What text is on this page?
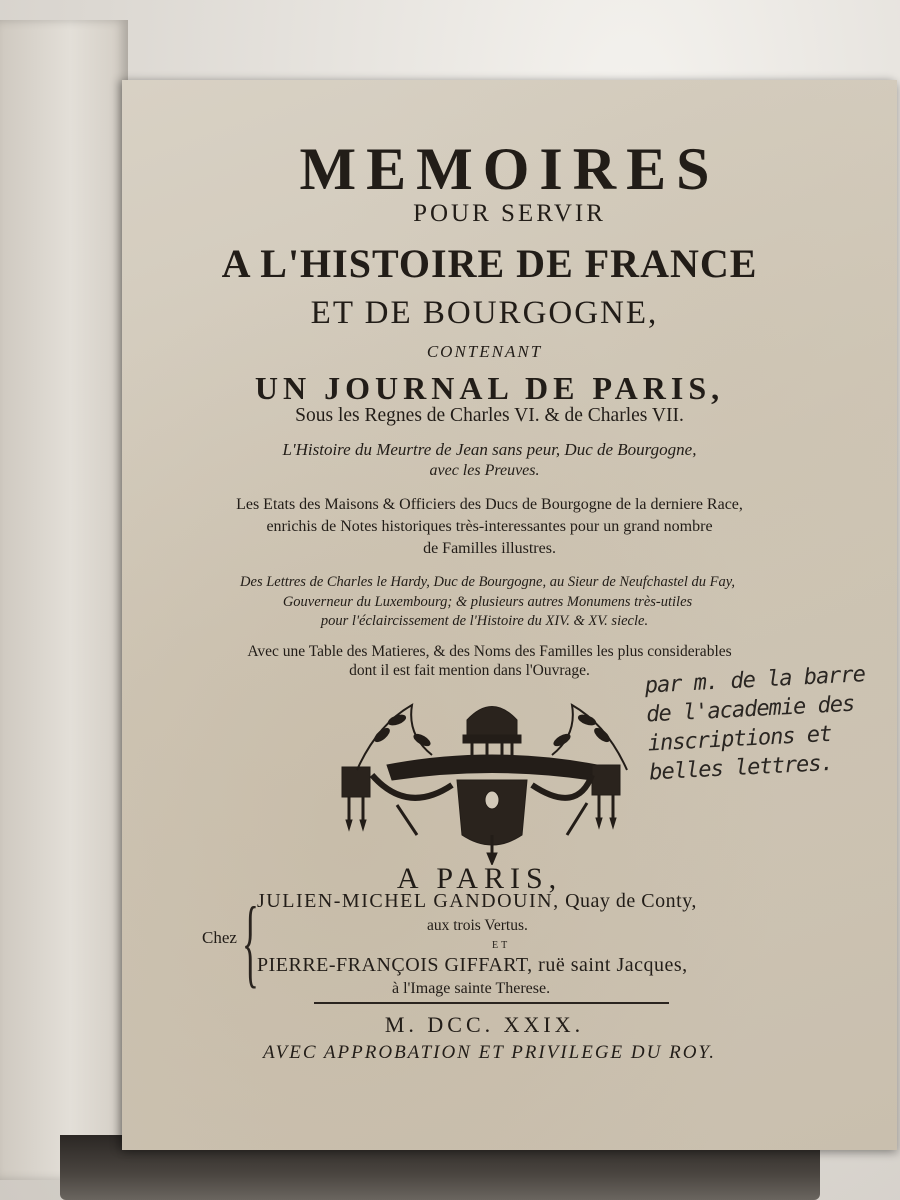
MEMOIRES

POUR SERVIR

A L'HISTOIRE DE FRANCE

ET DE BOURGOGNE,

CONTENANT

UN JOURNAL DE PARIS,

Sous les Regnes de Charles VI. & de Charles VII.

L'Histoire du Meurtre de Jean sans peur, Duc de Bourgogne,

avec les Preuves.

Les Etats des Maisons & Officiers des Ducs de Bourgogne de la derniere Race,

enrichis de Notes historiques très-interessantes pour un grand nombre

de Familles illustres.

Des Lettres de Charles le Hardy, Duc de Bourgogne, au Sieur de Neufchastel du Fay,

Gouverneur du Luxembourg; & plusieurs autres Monumens très-utiles

pour l'éclaircissement de l'Histoire du XIV. & XV. siecle.

Avec une Table des Matieres, & des Noms des Familles les plus considerables

dont il est fait mention dans l'Ouvrage.	par m. de la barre
de l'academie des
inscriptions et
belles lettres.

A PARIS,

Chez {
JULIEN-MICHEL GANDOUIN, Quay de Conty,
aux trois Vertus.
ET
PIERRE-FRANÇOIS GIFFART, ruë saint Jacques,
à l'Image sainte Therese.

M. DCC. XXIX.

AVEC APPROBATION ET PRIVILEGE DU ROY.
